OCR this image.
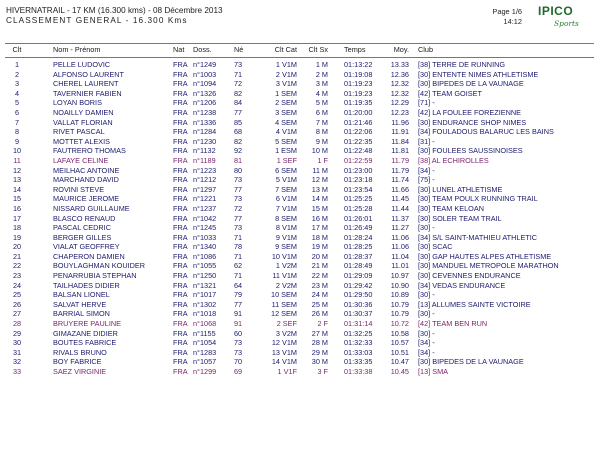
HIVERNATRAIL - 17 KM (16.300 kms) - 08 Décembre 2013
CLASSEMENT GENERAL - 16.300 Kms
Page 1/6
14:12
IPICO
Sports
Clt	Nom - Prénom	Nat Doss.	Né	Clt Cat	Clt Sx Temps	Moy. Club
1	PELLE LUDOVIC	FRA n°1249 73	1 V1M	1 M 01:13:22	13.33 [38] TERRE DE RUNNING
2	ALFONSO LAURENT	FRA n°1003 71	2 V1M	2 M 01:19:08	12.36 [30] ENTENTE NIMES ATHLETISME
3	CHEREL LAURENT	FRA n°1094 72	3 V1M	3 M 01:19:23	12.32 [30] BIPEDES DE LA VAUNAGE
4	TAVERNIER FABIEN	FRA n°1326 82	1 SEM	4 M 01:19:23	12.32 [42] TEAM GOISET
5	LOYAN BORIS	FRA n°1206 84	2 SEM	5 M 01:19:35	12.29 [71] -
6	NOAILLY DAMIEN	FRA n°1238 77	3 SEM	6 M 01:20:00	12.23 [42] LA FOULEE FOREZIENNE
7	VALLAT FLORIAN	FRA n°1336 85	4 SEM	7 M 01:21:46	11.96 [30] ENDURANCE SHOP NIMES
8	RIVET PASCAL	FRA n°1284 68	4 V1M	8 M 01:22:06	11.91 [34] FOULADOUS BALARUC LES BAINS
9	MOTTET ALEXIS	FRA n°1230 82	5 SEM	9 M 01:22:35	11.84 [31] -
10	FAUTRERO THOMAS	FRA n°1132	92	1 ESM	10 M 01:22:48	11.81 [30] FOULEES SAUSSINOISES
11	LAFAYE CELINE	FRA n°1189	81	1 SEF	1 F 01:22:59	11.79 [38] AL ECHIROLLES
12	MEILHAC ANTOINE	FRA n°1223 80	6 SEM	11 M 01:23:00	11.79 [34] -
13	MARCHAND DAVID	FRA n°1212 73	5 V1M	12 M 01:23:18	11.74 [75] -
14	ROVINI STEVE	FRA n°1297 77	7 SEM	13 M 01:23:54	11.66 [30] LUNEL ATHLETISME
15	MAURICE JEROME	FRA n°1221 73	6 V1M	14 M 01:25:25	11.45 [30] TEAM POULX RUNNING TRAIL
16	NISSARD GUILLAUME	FRA n°1237 72	7 V1M	15 M 01:25:28	11.44 [30] TEAM KELOAN
17	BLASCO RENAUD	FRA n°1042 77	8 SEM	16 M 01:26:01	11.37 [30] SOLER TEAM TRAIL
18	PASCAL CEDRIC	FRA n°1245 73	8 V1M	17 M 01:26:49	11.27 [30] -
19	BERGER GILLES	FRA n°1033 71	9 V1M	18 M 01:28:24	11.06 [34] S/L SAINT-MATHIEU ATHLETIC
20	VIALAT GEOFFREY	FRA n°1340 78	9 SEM	19 M 01:28:25	11.06 [30] SCAC
21	CHAPERON DAMIEN	FRA n°1086 71	10 V1M	20 M 01:28:37	11.04 [30] GAP HAUTES ALPES ATHLETISME
22	BOUYLAGHMAN KOUIDER	FRA n°1055 62	1 V2M	21 M 01:28:49	11.01 [30] MANDUEL METROPOLE MARATHON
23	PENARRUBIA STEPHAN	FRA n°1250 71	11 V1M	22 M 01:29:09	10.97 [30] CEVENNES ENDURANCE
24	TAILHADES DIDIER	FRA n°1321 64	2 V2M	23 M 01:29:42	10.90 [34] VEDAS ENDURANCE
25	BALSAN LIONEL	FRA n°1017 79	10 SEM	24 M 01:29:50	10.89 [30] -
26	SALVAT HERVE	FRA n°1302 77	11 SEM	25 M 01:30:36	10.79 [13] ALLUMES SAINTE VICTOIRE
27	BARRIAL SIMON	FRA n°1018 91	12 SEM	26 M 01:30:37	10.79 [30] -
28	BRUYERE PAULINE	FRA n°1068 91	2 SEF	2 F 01:31:14	10.72 [42] TEAM BEN RUN
29	GIMAZANE DIDIER	FRA n°1155	60	3 V2M	27 M 01:32:25	10.58 [30] -
30	BOUTES FABRICE	FRA n°1054 73	12 V1M	28 M 01:32:33	10.57 [34] -
31	RIVALS BRUNO	FRA n°1283 73	13 V1M	29 M 01:33:03	10.51 [34] -
32	BOY FABRICE	FRA n°1057 70	14 V1M	30 M 01:33:35	10.47 [30] BIPEDES DE LA VAUNAGE
33	SAEZ VIRGINIE	FRA n°1299 69	1 V1F	3 F 01:33:38	10.45 [13] SMA
